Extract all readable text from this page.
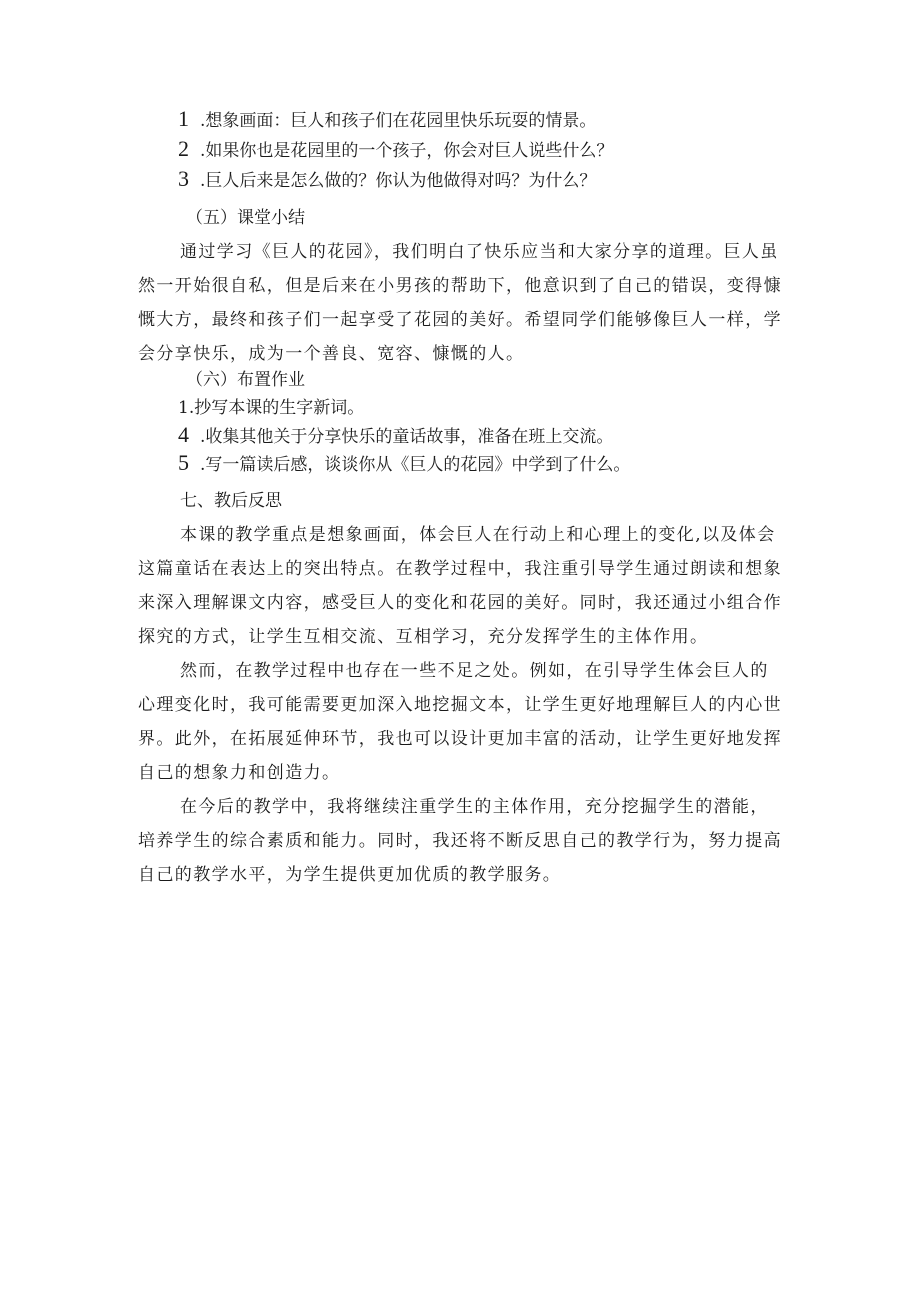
1 .想象画面：巨人和孩子们在花园里快乐玩耍的情景。
2 .如果你也是花园里的一个孩子，你会对巨人说些什么？
3 .巨人后来是怎么做的？你认为他做得对吗？为什么？
（五）课堂小结
通过学习《巨人的花园》，我们明白了快乐应当和大家分享的道理。巨人虽
然一开始很自私，但是后来在小男孩的帮助下，他意识到了自己的错误，变得慷
慨大方，最终和孩子们一起享受了花园的美好。希望同学们能够像巨人一样，学
会分享快乐，成为一个善良、宽容、慷慨的人。
（六）布置作业
1.抄写本课的生字新词。
4 .收集其他关于分享快乐的童话故事，准备在班上交流。
5 .写一篇读后感，谈谈你从《巨人的花园》中学到了什么。
七、教后反思
本课的教学重点是想象画面，体会巨人在行动上和心理上的变化,以及体会
这篇童话在表达上的突出特点。在教学过程中，我注重引导学生通过朗读和想象
来深入理解课文内容，感受巨人的变化和花园的美好。同时，我还通过小组合作
探究的方式，让学生互相交流、互相学习，充分发挥学生的主体作用。
然而，在教学过程中也存在一些不足之处。例如，在引导学生体会巨人的
心理变化时，我可能需要更加深入地挖掘文本，让学生更好地理解巨人的内心世
界。此外，在拓展延伸环节，我也可以设计更加丰富的活动，让学生更好地发挥
自己的想象力和创造力。
在今后的教学中，我将继续注重学生的主体作用，充分挖掘学生的潜能，
培养学生的综合素质和能力。同时，我还将不断反思自己的教学行为，努力提高
自己的教学水平，为学生提供更加优质的教学服务。
